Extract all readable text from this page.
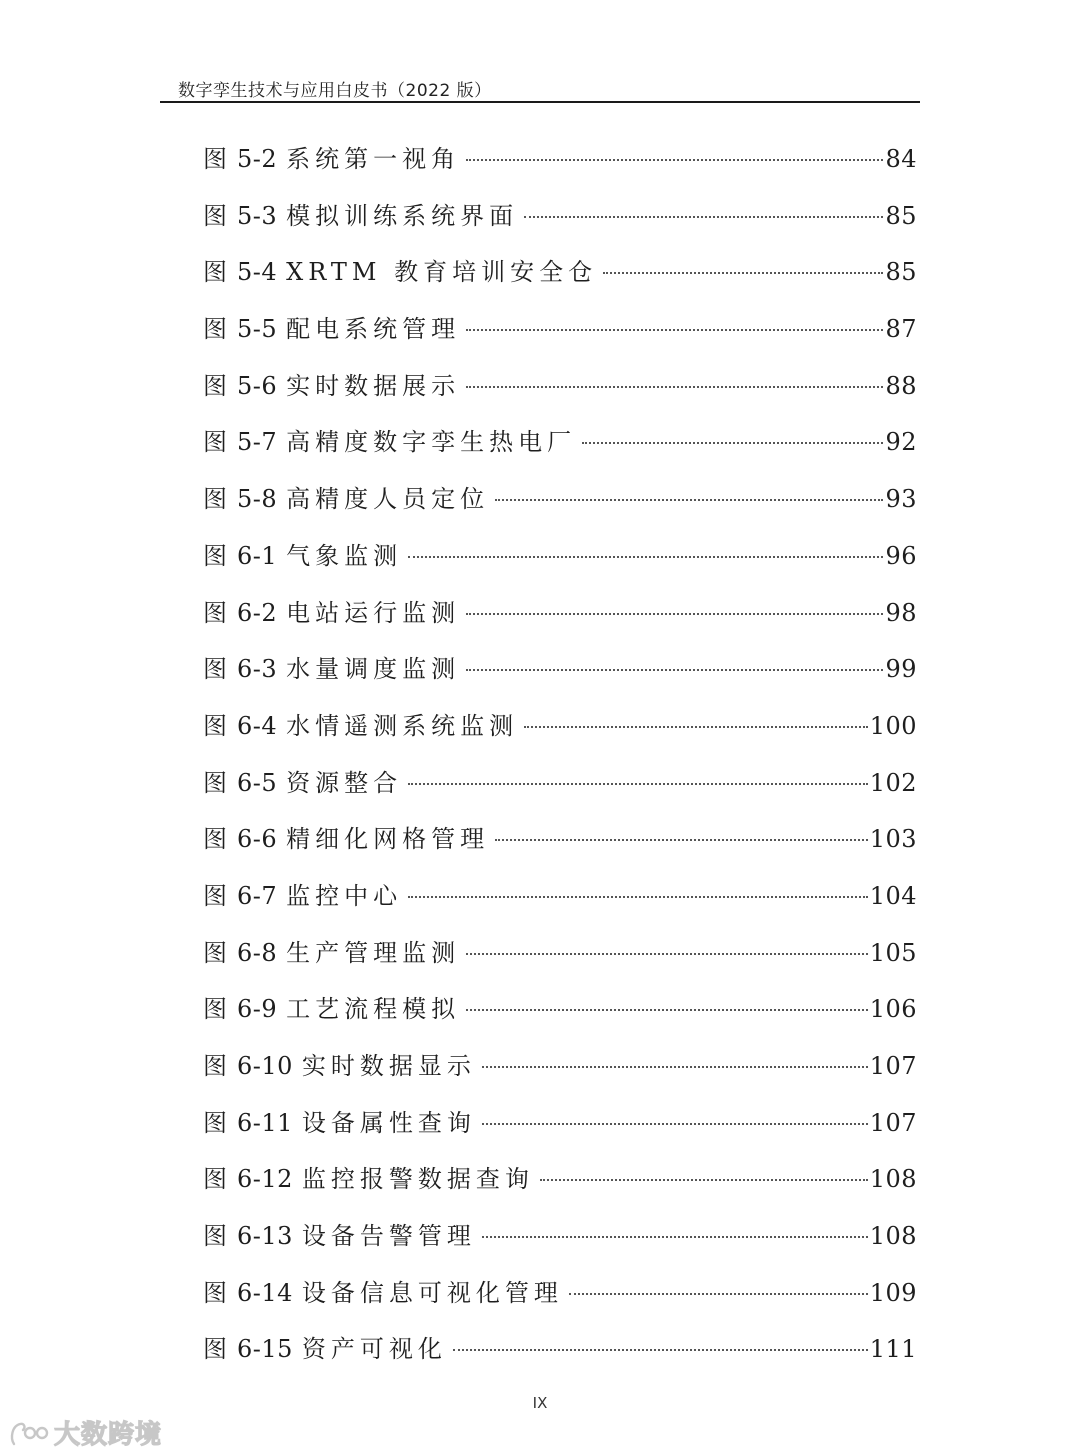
数字孪生技术与应用白皮书（2022 版）
图 5-2 系统第一视角	84
图 5-3 模拟训练系统界面	85
图 5-4 XRTM 教育培训安全仓	85
图 5-5 配电系统管理	87
图 5-6 实时数据展示	88
图 5-7 高精度数字孪生热电厂	92
图 5-8 高精度人员定位	93
图 6-1 气象监测	96
图 6-2 电站运行监测	98
图 6-3 水量调度监测	99
图 6-4 水情遥测系统监测	100
图 6-5 资源整合	102
图 6-6 精细化网格管理	103
图 6-7 监控中心	104
图 6-8 生产管理监测	105
图 6-9 工艺流程模拟	106
图 6-10 实时数据显示	107
图 6-11 设备属性查询	107
图 6-12 监控报警数据查询	108
图 6-13 设备告警管理	108
图 6-14 设备信息可视化管理	109
图 6-15 资产可视化	111
IX
大数跨境
